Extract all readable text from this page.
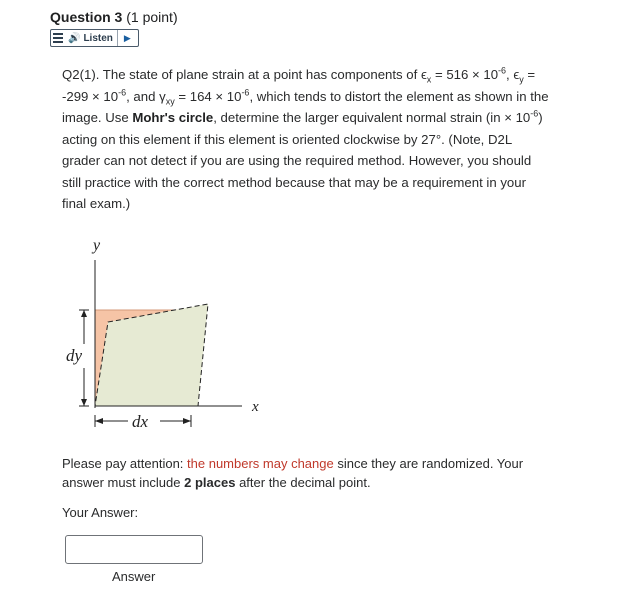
Question 3 (1 point)
🔊 Listen ▶
Q2(1). The state of plane strain at a point has components of $\epsilon_x = 516 \times 10^{-6}$, $\epsilon_y = -299 \times 10^{-6}$, and $\gamma_{xy} = 164 \times 10^{-6}$, which tends to distort the element as shown in the image. Use Mohr's circle, determine the larger equivalent normal strain $(in \times 10^{-6})$ acting on this element if this element is oriented clockwise by 27°. (Note, D2L grader can not detect if you are using the required method. However, you should still practice with the correct method because that may be a requirement in your final exam.)
y
x
dy
dx
Please pay attention: the numbers may change since they are randomized. Your answer must include 2 places after the decimal point.
Your Answer:
Answer
